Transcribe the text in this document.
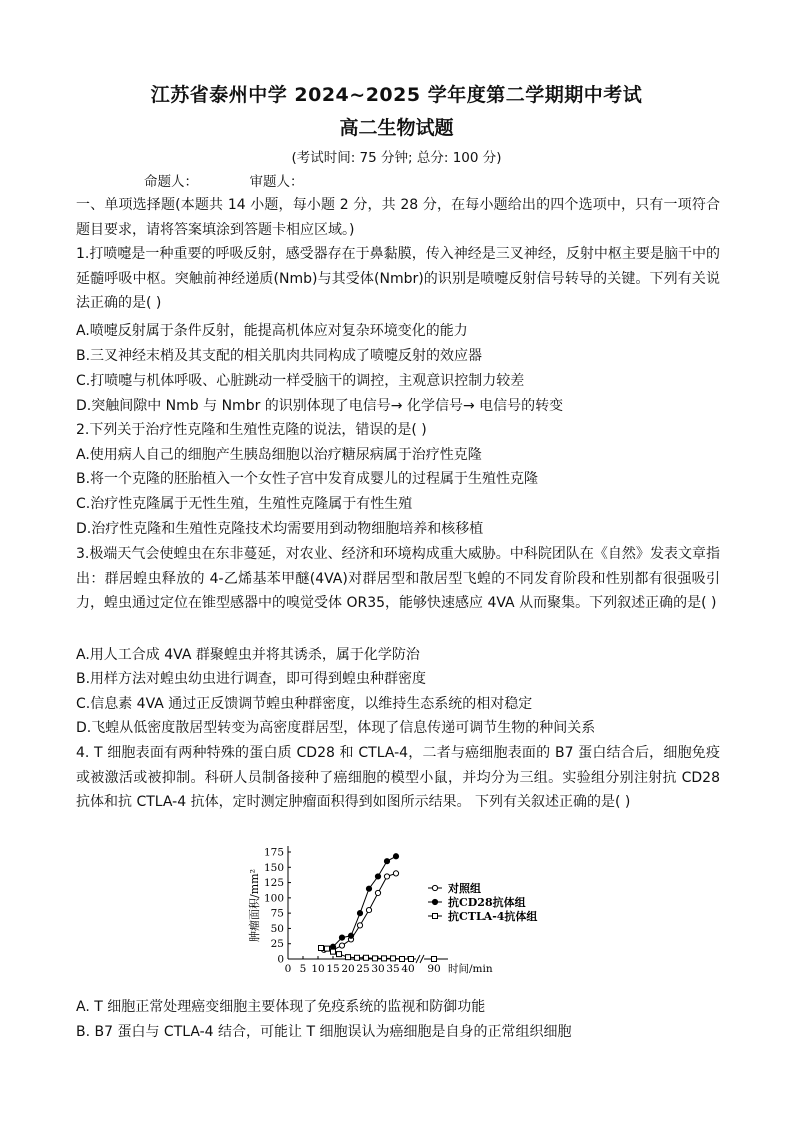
江苏省泰州中学 2024~2025 学年度第二学期期中考试
高二生物试题
(考试时间: 75 分钟; 总分: 100 分)
命题人：	审题人：
一、单项选择题(本题共 14 小题，每小题 2 分，共 28 分，在每小题给出的四个选项中，只有一项符合题目要求，请将答案填涂到答题卡相应区域。)
1.打喷嚏是一种重要的呼吸反射，感受器存在于鼻黏膜，传入神经是三叉神经，反射中枢主要是脑干中的延髓呼吸中枢。突触前神经递质(Nmb)与其受体(Nmbr)的识别是喷嚏反射信号转导的关键。下列有关说法正确的是( )
A.喷嚏反射属于条件反射，能提高机体应对复杂环境变化的能力
B.三叉神经末梢及其支配的相关肌肉共同构成了喷嚏反射的效应器
C.打喷嚏与机体呼吸、心脏跳动一样受脑干的调控，主观意识控制力较差
D.突触间隙中 Nmb 与 Nmbr 的识别体现了电信号→ 化学信号→ 电信号的转变
2.下列关于治疗性克隆和生殖性克隆的说法，错误的是( )
A.使用病人自己的细胞产生胰岛细胞以治疗糖尿病属于治疗性克隆
B.将一个克隆的胚胎植入一个女性子宫中发育成婴儿的过程属于生殖性克隆
C.治疗性克隆属于无性生殖，生殖性克隆属于有性生殖
D.治疗性克隆和生殖性克隆技术均需要用到动物细胞培养和核移植
3.极端天气会使蝗虫在东非蔓延，对农业、经济和环境构成重大威胁。中科院团队在《自然》发表文章指出：群居蝗虫释放的 4-乙烯基苯甲醚(4VA)对群居型和散居型飞蝗的不同发育阶段和性别都有很强吸引力，蝗虫通过定位在锥型感器中的嗅觉受体 OR35，能够快速感应 4VA 从而聚集。下列叙述正确的是( )
A.用人工合成 4VA 群聚蝗虫并将其诱杀，属于化学防治
B.用样方法对蝗虫幼虫进行调查，即可得到蝗虫种群密度
C.信息素 4VA 通过正反馈调节蝗虫种群密度，以维持生态系统的相对稳定
D.飞蝗从低密度散居型转变为高密度群居型，体现了信息传递可调节生物的种间关系
4. T 细胞表面有两种特殊的蛋白质 CD28 和 CTLA-4，二者与癌细胞表面的 B7 蛋白结合后，细胞免疫或被激活或被抑制。科研人员制备接种了癌细胞的模型小鼠，并均分为三组。实验组分别注射抗 CD28 抗体和抗 CTLA-4 抗体，定时测定肿瘤面积得到如图所示结果。 下列有关叙述正确的是( )
0
25
50
75
100
125
150
175
0 5 10 15 20 25 30 35 40 90 时间/min
肿瘤面积/mm²	对照组
抗CD28抗体组
抗CTLA-4抗体组
A. T 细胞正常处理癌变细胞主要体现了免疫系统的监视和防御功能
B. B7 蛋白与 CTLA-4 结合，可能让 T 细胞误认为癌细胞是自身的正常组织细胞
